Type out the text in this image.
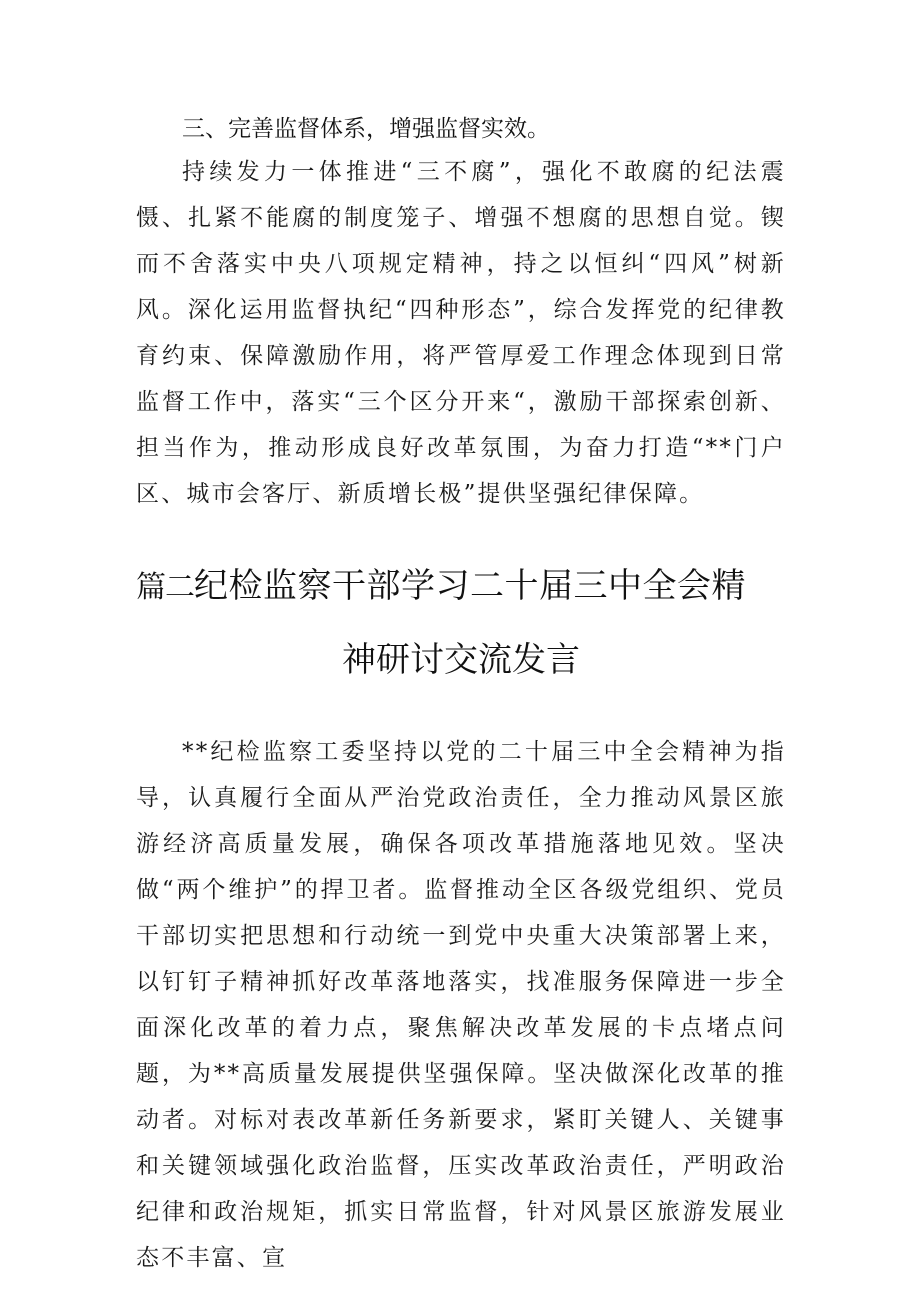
三、完善监督体系，增强监督实效。

持续发力一体推进“三不腐”，强化不敢腐的纪法震慑、扎紧不能腐的制度笼子、增强不想腐的思想自觉。锲而不舍落实中央八项规定精神，持之以恒纠“四风”树新风。深化运用监督执纪“四种形态”，综合发挥党的纪律教育约束、保障激励作用，将严管厚爱工作理念体现到日常监督工作中，落实“三个区分开来“，激励干部探索创新、担当作为，推动形成良好改革氛围，为奋力打造“**门户区、城市会客厅、新质增长极”提供坚强纪律保障。

篇二纪检监察干部学习二十届三中全会精
神研讨交流发言

**纪检监察工委坚持以党的二十届三中全会精神为指导，认真履行全面从严治党政治责任，全力推动风景区旅游经济高质量发展，确保各项改革措施落地见效。坚决做“两个维护”的捍卫者。监督推动全区各级党组织、党员干部切实把思想和行动统一到党中央重大决策部署上来，以钉钉子精神抓好改革落地落实，找准服务保障进一步全面深化改革的着力点，聚焦解决改革发展的卡点堵点问题，为**高质量发展提供坚强保障。坚决做深化改革的推动者。对标对表改革新任务新要求，紧盯关键人、关键事和关键领域强化政治监督，压实改革政治责任，严明政治纪律和政治规矩，抓实日常监督，针对风景区旅游发展业态不丰富、宣
